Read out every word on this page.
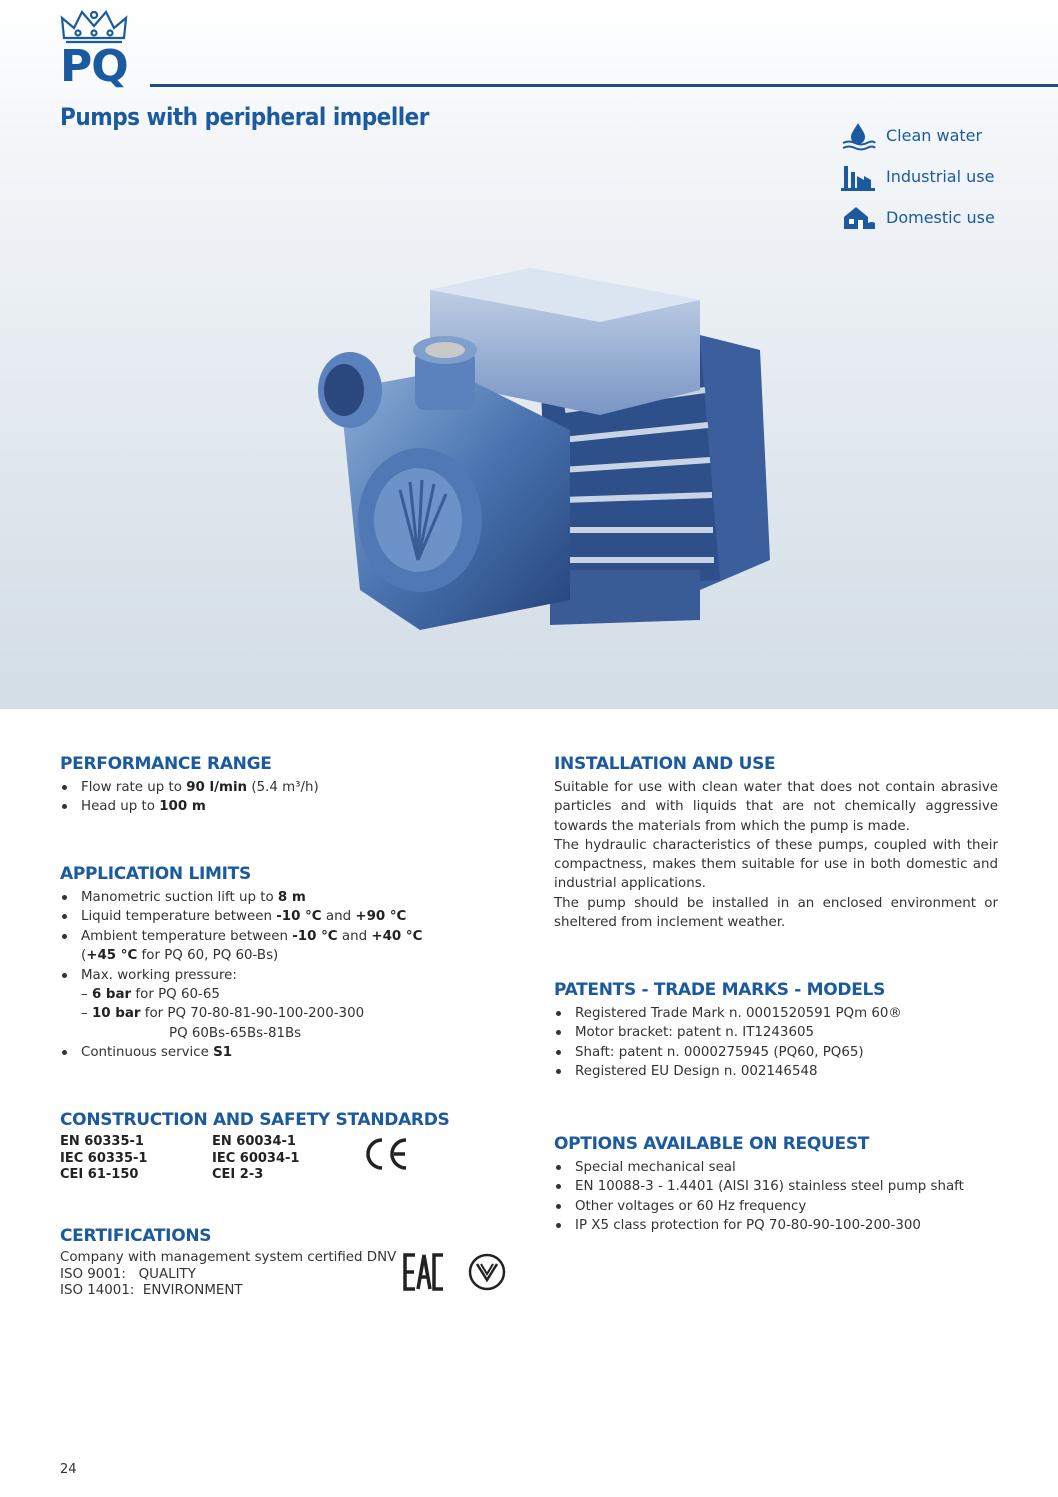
PQ
Pumps with peripheral impeller
Clean water
Industrial use
Domestic use
PERFORMANCE RANGE
Flow rate up to 90 l/min (5.4 m³/h)
Head up to 100 m
APPLICATION LIMITS
Manometric suction lift up to 8 m
Liquid temperature between -10 °C and +90 °C
Ambient temperature between -10 °C and +40 °C
(+45 °C for PQ 60, PQ 60-Bs)
Max. working pressure:
– 6 bar for PQ 60-65
– 10 bar for PQ 70-80-81-90-100-200-300
PQ 60Bs-65Bs-81Bs
Continuous service S1
CONSTRUCTION AND SAFETY STANDARDS
EN 60335-1	EN 60034-1
IEC 60335-1	IEC 60034-1
CEI 61-150	CEI 2-3
CERTIFICATIONS

Company with management system certified DNV

ISO 9001:   QUALITY

ISO 14001:  ENVIRONMENT

INSTALLATION AND USE

Suitable for use with clean water that does not contain abrasive particles and with liquids that are not chemically aggressive towards the materials from which the pump is made.

The hydraulic characteristics of these pumps, coupled with their compactness, makes them suitable for use in both domestic and industrial applications.

The pump should be installed in an enclosed environment or sheltered from inclement weather.

PATENTS - TRADE MARKS - MODELS
Registered Trade Mark n. 0001520591 PQm 60®
Motor bracket: patent n. IT1243605
Shaft: patent n. 0000275945 (PQ60, PQ65)
Registered EU Design n. 002146548
OPTIONS AVAILABLE ON REQUEST
Special mechanical seal
EN 10088-3 - 1.4401 (AISI 316) stainless steel pump shaft
Other voltages or 60 Hz frequency
IP X5 class protection for PQ 70-80-90-100-200-300
24
